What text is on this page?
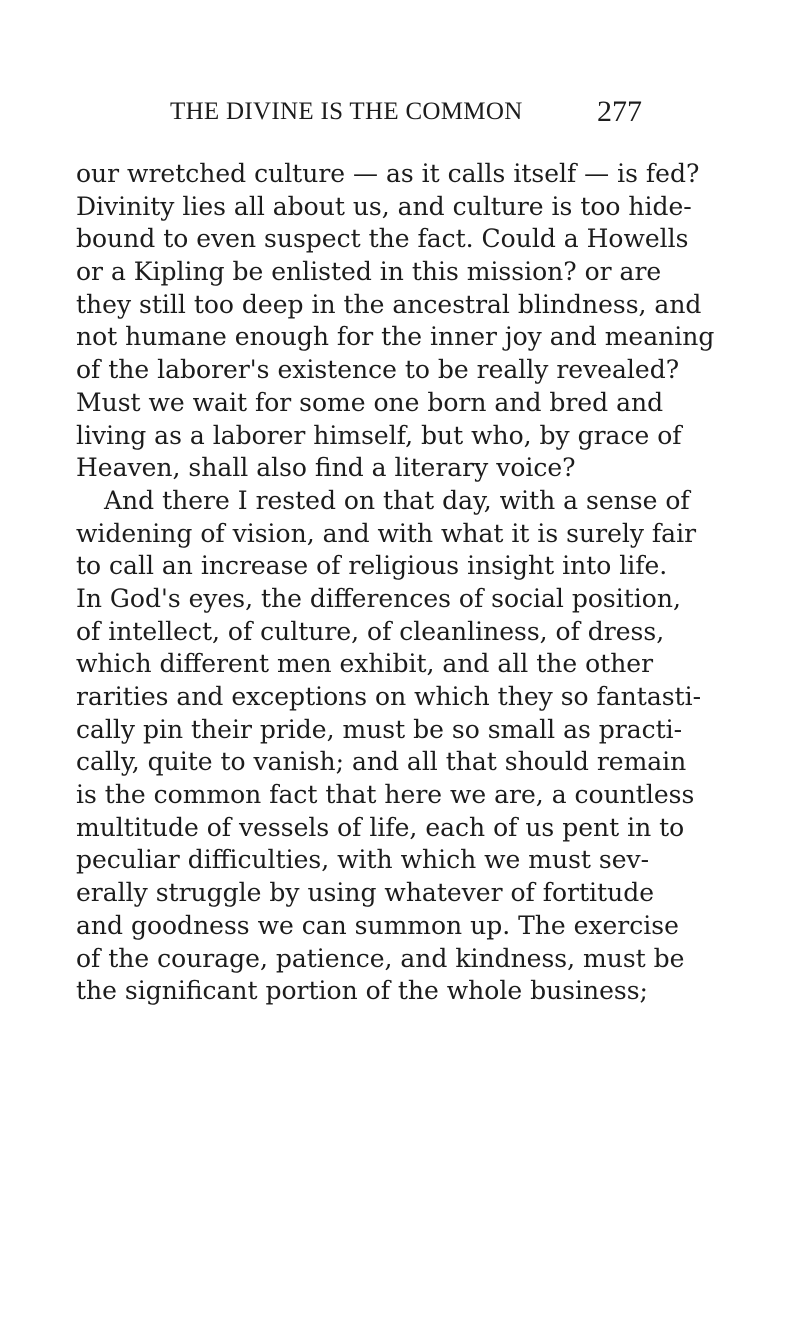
THE DIVINE IS THE COMMON 277
our wretched culture — as it calls itself — is fed?
Divinity lies all about us, and culture is too hide-
bound to even suspect the fact. Could a Howells
or a Kipling be enlisted in this mission? or are
they still too deep in the ancestral blindness, and
not humane enough for the inner joy and meaning
of the laborer's existence to be really revealed?
Must we wait for some one born and bred and
living as a laborer himself, but who, by grace of
Heaven, shall also find a literary voice?
And there I rested on that day, with a sense of
widening of vision, and with what it is surely fair
to call an increase of religious insight into life.
In God's eyes, the differences of social position,
of intellect, of culture, of cleanliness, of dress,
which different men exhibit, and all the other
rarities and exceptions on which they so fantasti-
cally pin their pride, must be so small as practi-
cally, quite to vanish; and all that should remain
is the common fact that here we are, a countless
multitude of vessels of life, each of us pent in to
peculiar difficulties, with which we must sev-
erally struggle by using whatever of fortitude
and goodness we can summon up. The exercise
of the courage, patience, and kindness, must be
the significant portion of the whole business;
